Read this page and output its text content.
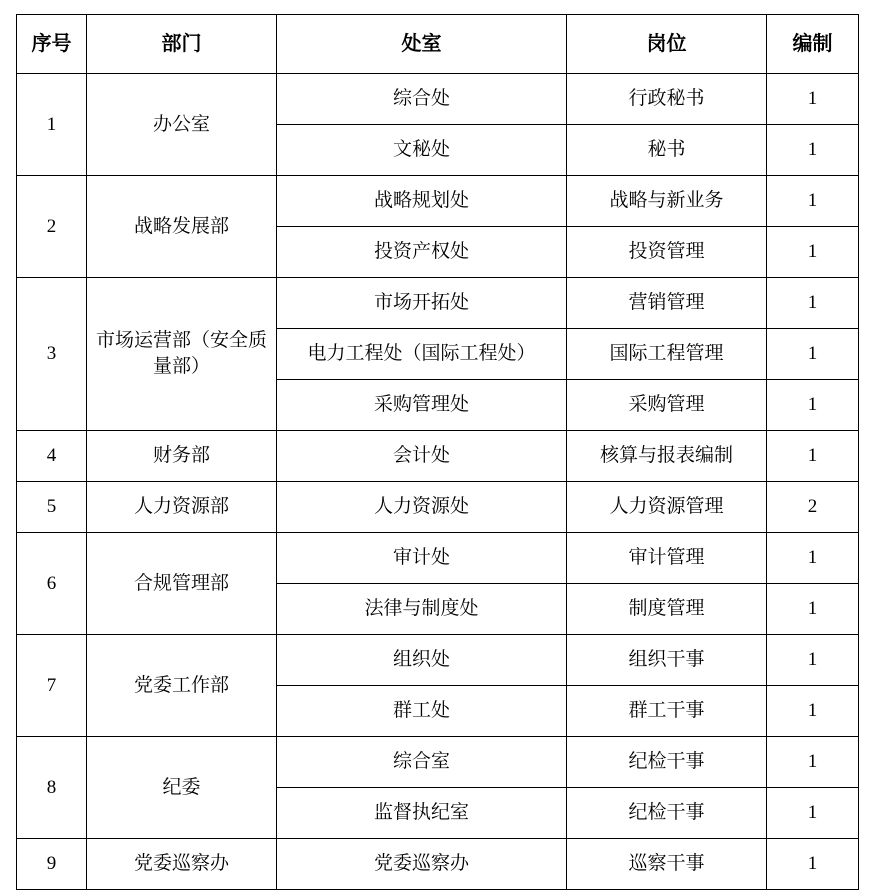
序号	部门	处室	岗位	编制
1	办公室	综合处	行政秘书	1
		文秘处	秘书	1
2	战略发展部	战略规划处	战略与新业务	1
		投资产权处	投资管理	1
3	市场运营部（安全质量部）	市场开拓处	营销管理	1
		电力工程处（国际工程处）	国际工程管理	1
		采购管理处	采购管理	1
4	财务部	会计处	核算与报表编制	1
5	人力资源部	人力资源处	人力资源管理	2
6	合规管理部	审计处	审计管理	1
		法律与制度处	制度管理	1
7	党委工作部	组织处	组织干事	1
		群工处	群工干事	1
8	纪委	综合室	纪检干事	1
		监督执纪室	纪检干事	1
9	党委巡察办	党委巡察办	巡察干事	1
